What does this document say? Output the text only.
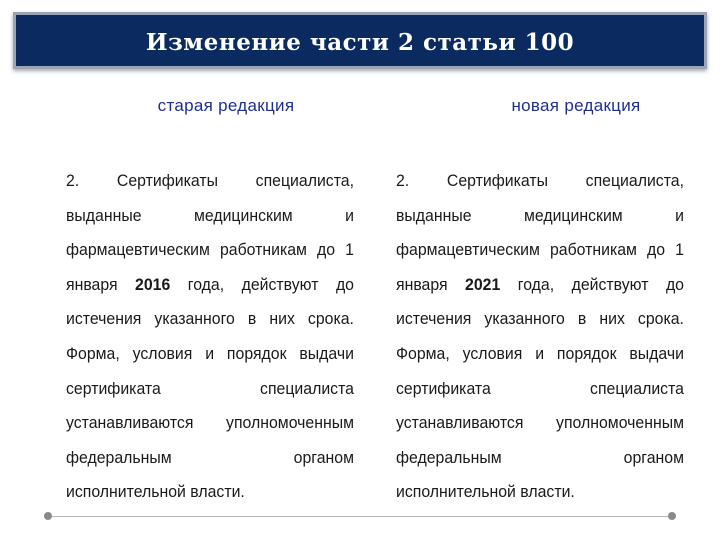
Изменение части 2 статьи 100
старая редакция
2. Сертификаты специалиста,
выданные	медицинским	и
фармацевтическим работникам до 1
января 2016 года, действуют до
истечения указанного в них срока.
Форма, условия и порядок выдачи
сертификата	специалиста
устанавливаются уполномоченным
федеральным	органом
исполнительной власти.
новая редакция
2. Сертификаты специалиста,
выданные	медицинским	и
фармацевтическим работникам до 1
января 2021 года, действуют до
истечения указанного в них срока.
Форма, условия и порядок выдачи
сертификата	специалиста
устанавливаются уполномоченным
федеральным	органом
исполнительной власти.
